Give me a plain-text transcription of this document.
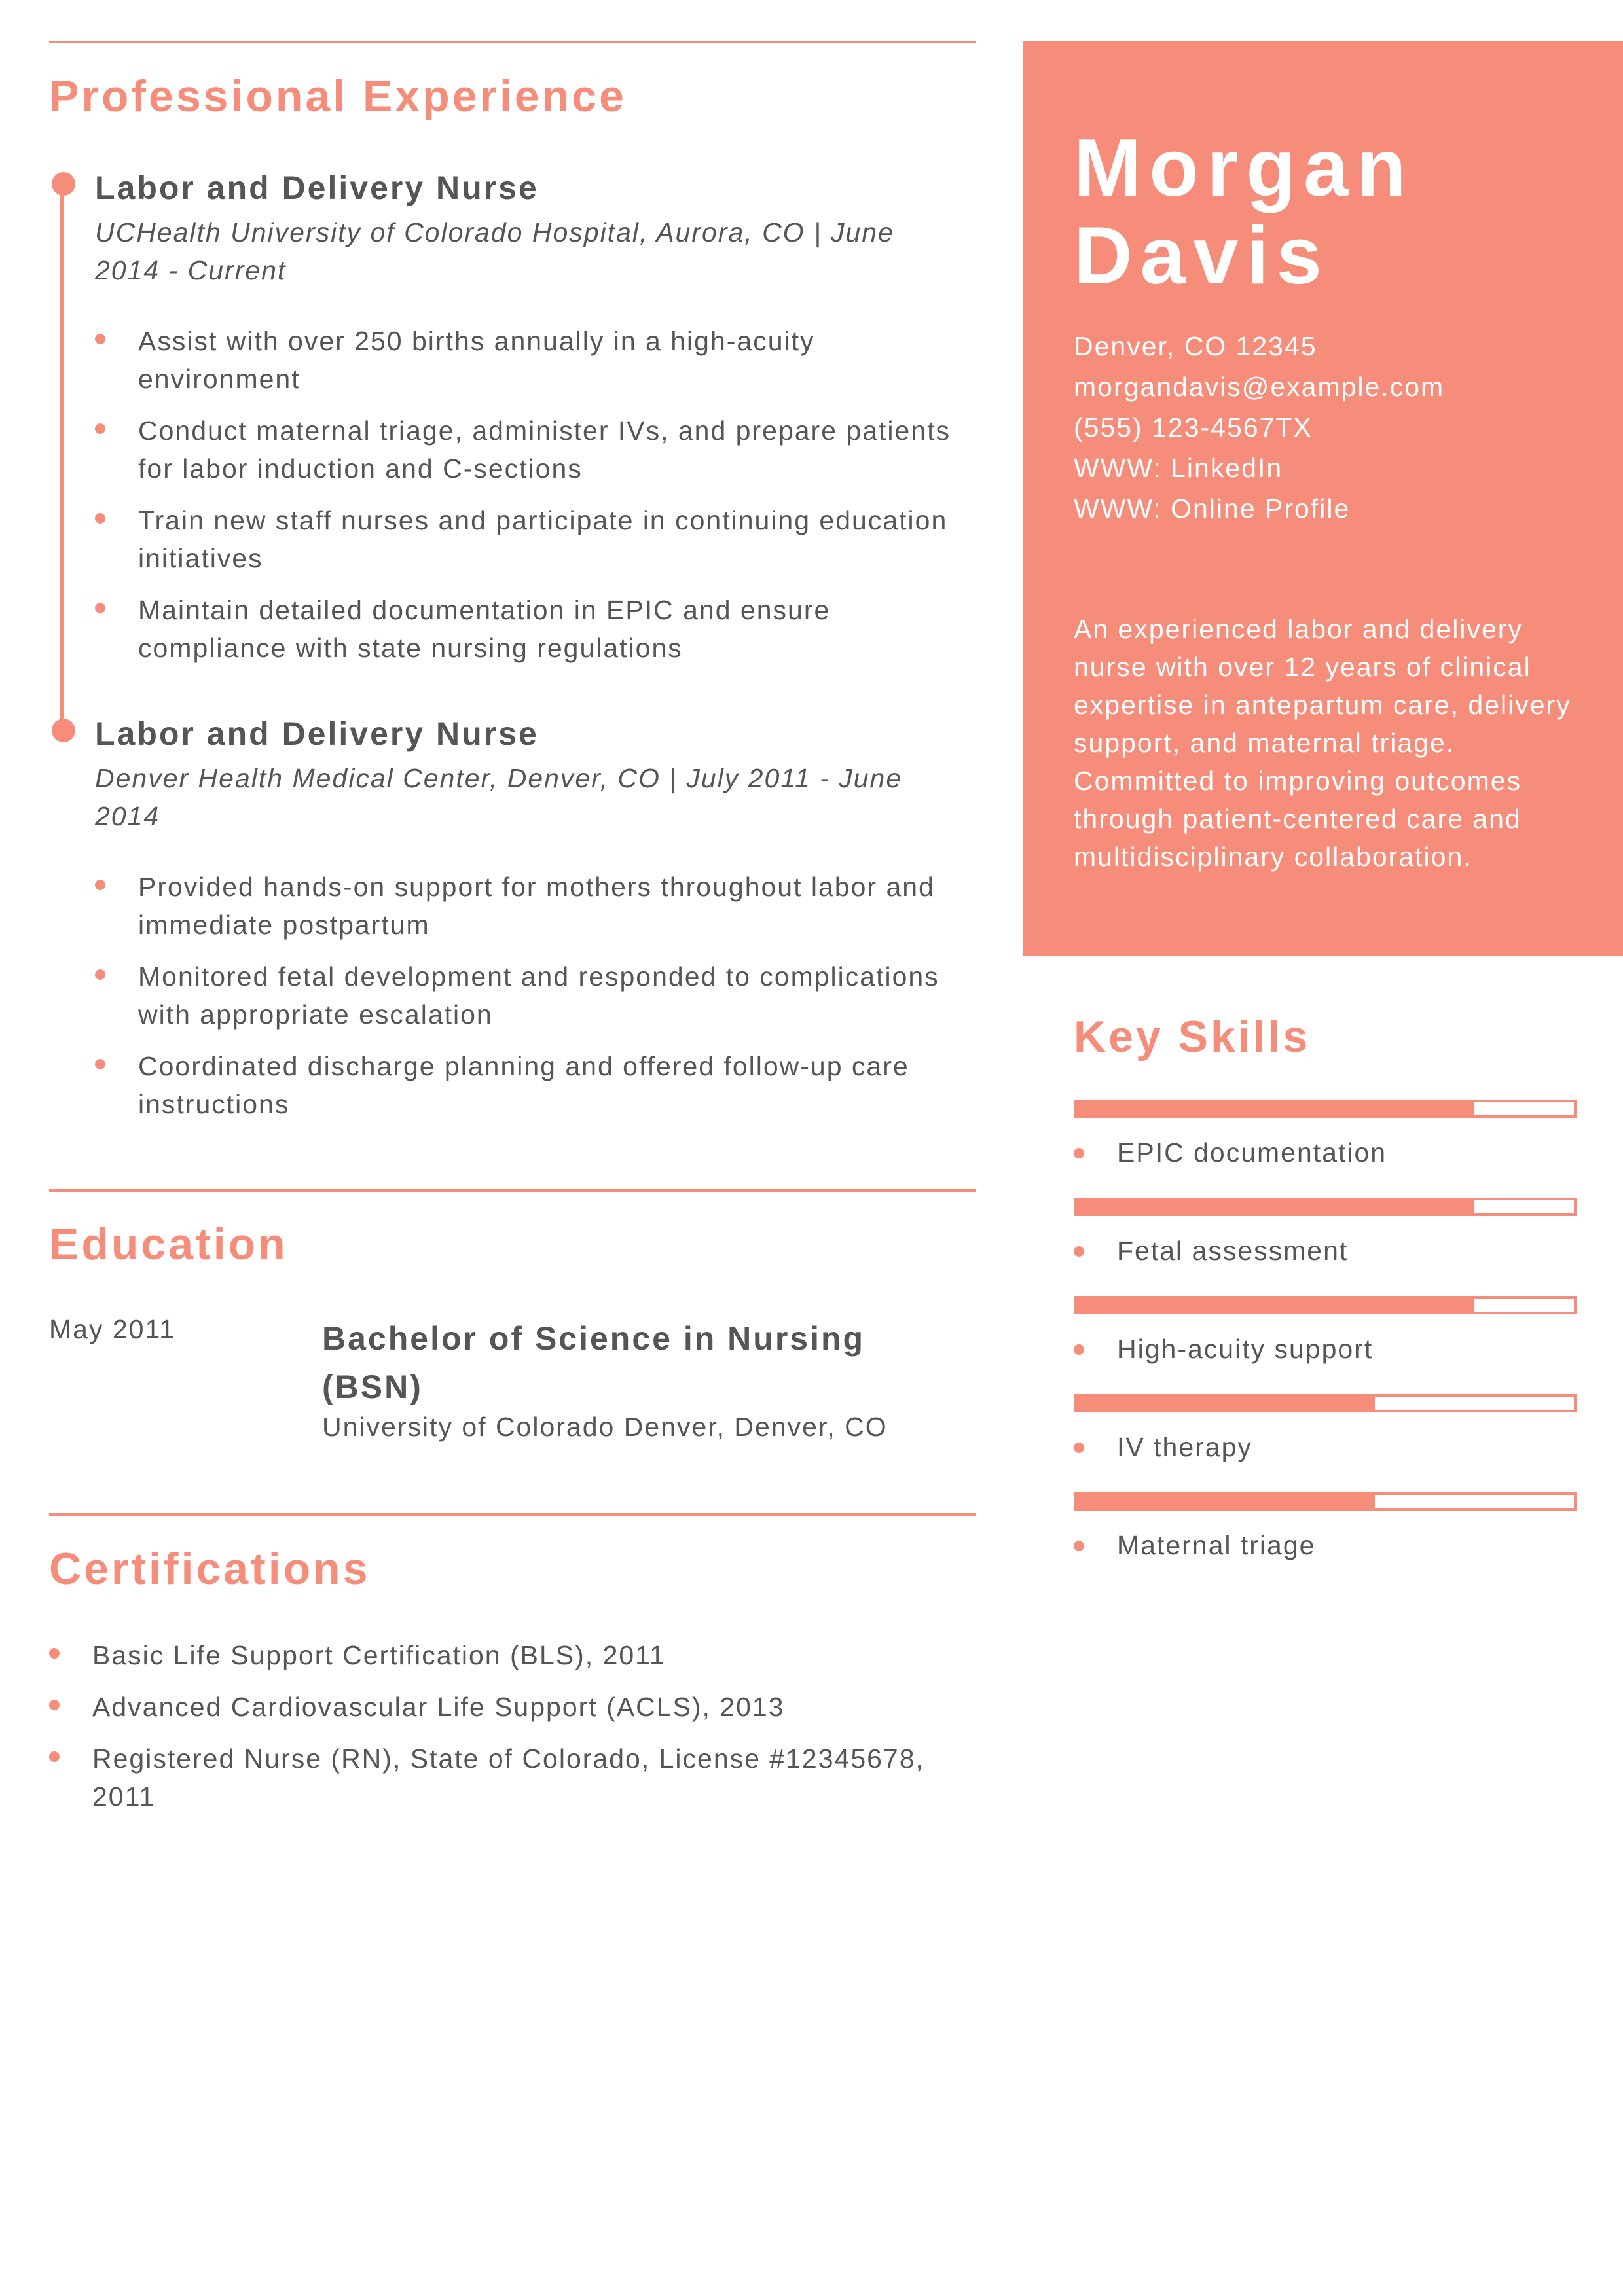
Professional Experience
Labor and Delivery Nurse
UCHealth University of Colorado Hospital, Aurora, CO | June 2014 - Current
Assist with over 250 births annually in a high-acuity environment
Conduct maternal triage, administer IVs, and prepare patients for labor induction and C-sections
Train new staff nurses and participate in continuing education initiatives
Maintain detailed documentation in EPIC and ensure compliance with state nursing regulations
Labor and Delivery Nurse
Denver Health Medical Center, Denver, CO | July 2011 - June 2014
Provided hands-on support for mothers throughout labor and immediate postpartum
Monitored fetal development and responded to complications with appropriate escalation
Coordinated discharge planning and offered follow-up care instructions
Education
May 2011	Bachelor of Science in Nursing (BSN)
University of Colorado Denver, Denver, CO
Certifications
Basic Life Support Certification (BLS), 2011
Advanced Cardiovascular Life Support (ACLS), 2013
Registered Nurse (RN), State of Colorado, License #12345678, 2011
Morgan
Davis
Denver, CO 12345
morgandavis@example.com
(555) 123-4567TX
WWW: LinkedIn
WWW: Online Profile
An experienced labor and delivery nurse with over 12 years of clinical expertise in antepartum care, delivery support, and maternal triage. Committed to improving outcomes through patient-centered care and multidisciplinary collaboration.
Key Skills
EPIC documentation
Fetal assessment
High-acuity support
IV therapy
Maternal triage
